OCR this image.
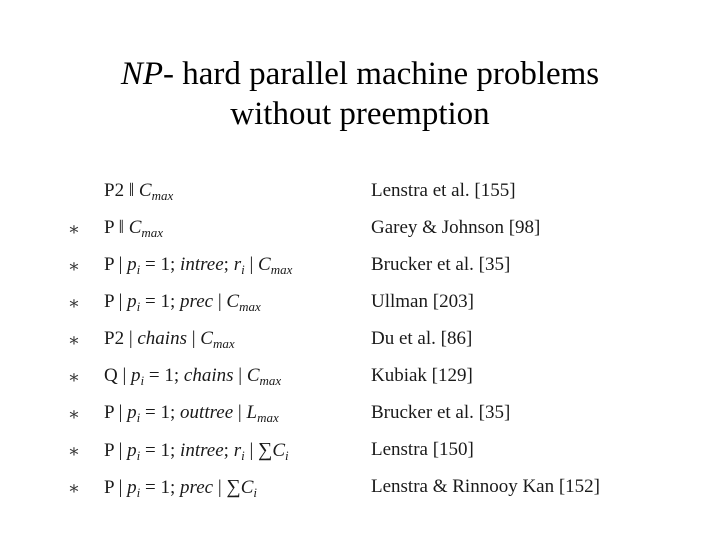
NP- hard parallel machine problems
without preemption
P2 ‖ $C_{max}$	Lenstra et al. [155]
∗ P ‖ $C_{max}$	Garey & Johnson [98]
∗ P | $p_i = 1$; intree; $r_i$ | $C_{max}$	Brucker et al. [35]
∗ P | $p_i = 1$; prec | $C_{max}$	Ullman [203]
∗ P2 | chains | $C_{max}$	Du et al. [86]
∗ Q | $p_i = 1$; chains | $C_{max}$	Kubiak [129]
∗ P | $p_i = 1$; outtree | $L_{max}$	Brucker et al. [35]
∗ P | $p_i = 1$; intree; $r_i$ | $\sum C_i$	Lenstra [150]
∗ P | $p_i = 1$; prec | $\sum C_i$	Lenstra & Rinnooy Kan [152]
